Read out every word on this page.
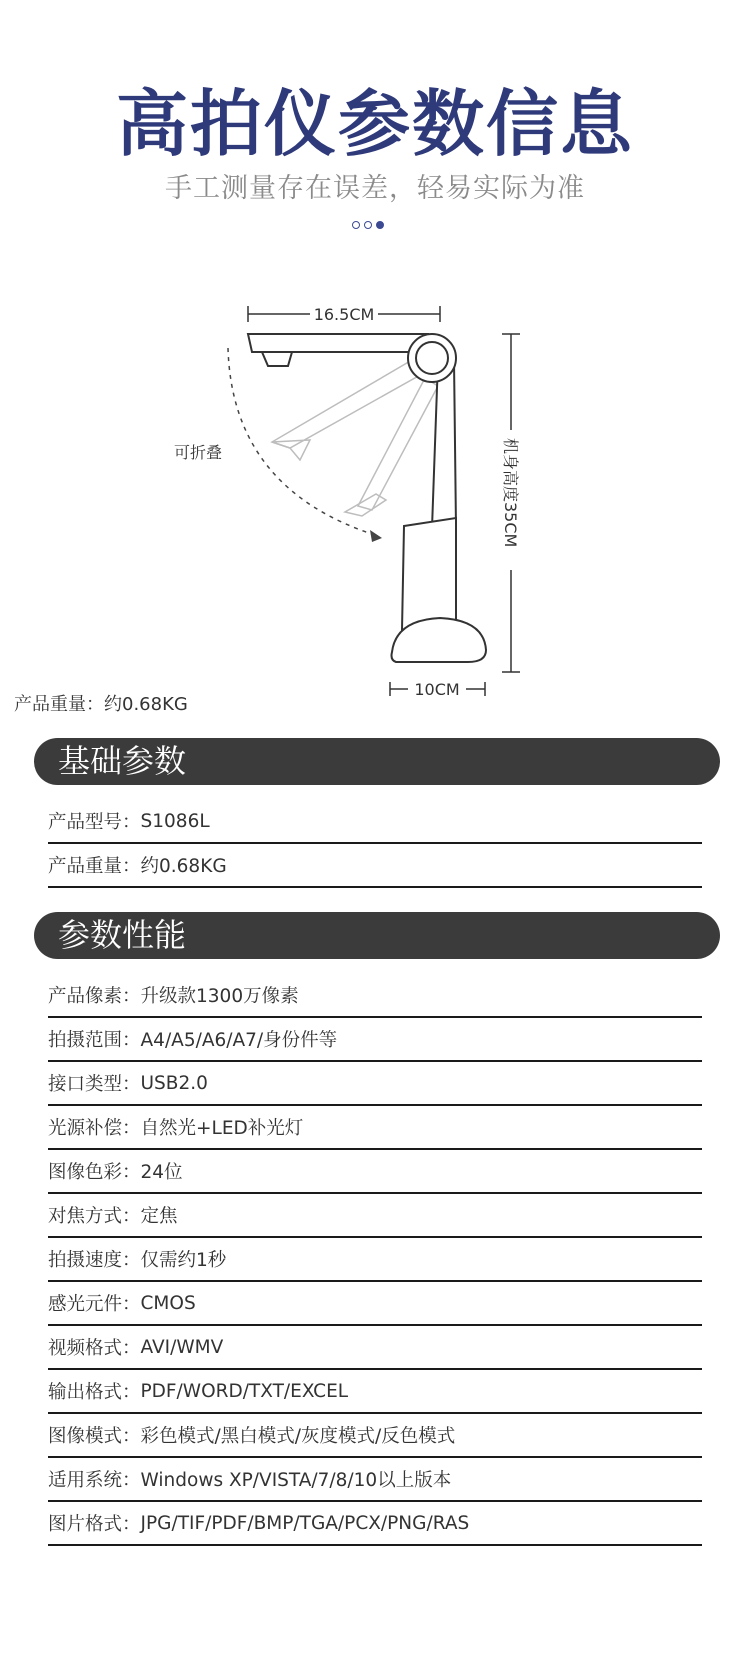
高拍仪参数信息
手工测量存在误差，轻易实际为准
16.5CM
机身高度35CM
10CM
可折叠
产品重量：约0.68KG
基础参数
产品型号： S1086L
产品重量： 约0.68KG
参数性能
产品像素： 升级款1300万像素
拍摄范围： A4/A5/A6/A7/身份件等
接口类型： USB2.0
光源补偿： 自然光+LED补光灯
图像色彩： 24位
对焦方式： 定焦
拍摄速度： 仅需约1秒
感光元件： CMOS
视频格式： AVI/WMV
输出格式： PDF/WORD/TXT/EXCEL
图像模式： 彩色模式/黑白模式/灰度模式/反色模式
适用系统： Windows XP/VISTA/7/8/10以上版本
图片格式： JPG/TIF/PDF/BMP/TGA/PCX/PNG/RAS
